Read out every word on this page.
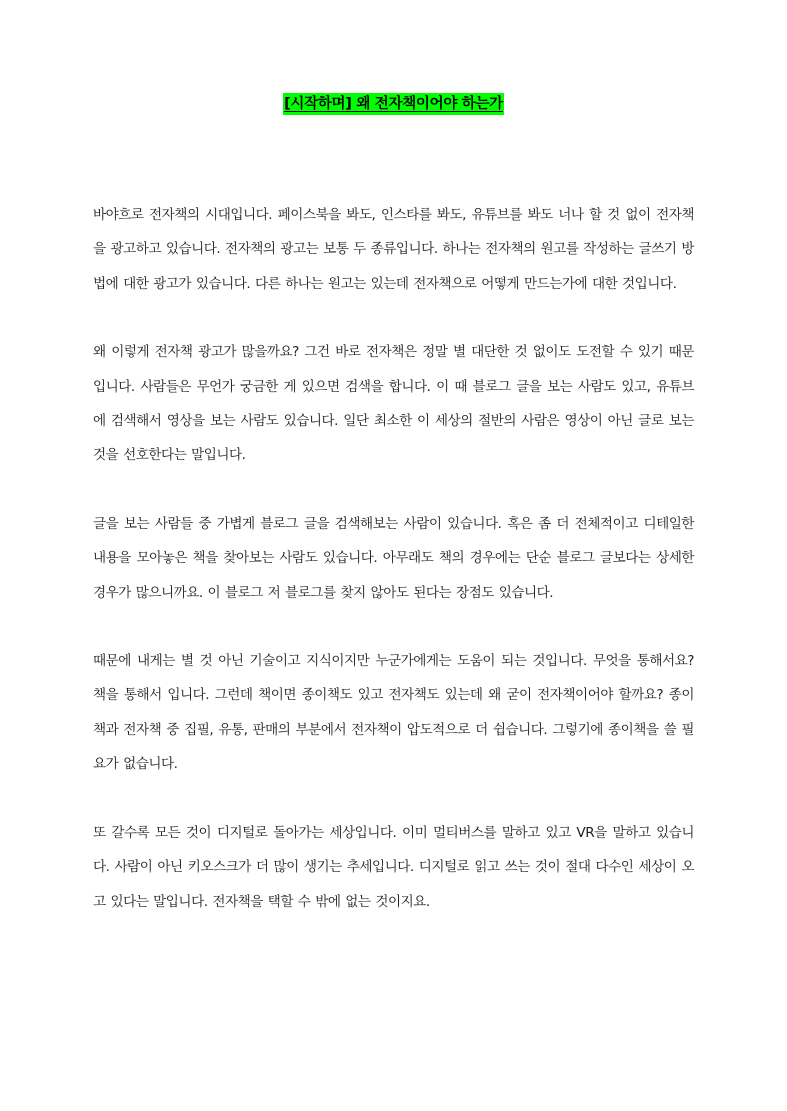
[시작하며] 왜 전자책이어야 하는가

바야흐로 전자책의 시대입니다. 페이스북을 봐도, 인스타를 봐도, 유튜브를 봐도 너나 할 것 없이 전자책을 광고하고 있습니다. 전자책의 광고는 보통 두 종류입니다. 하나는 전자책의 원고를 작성하는 글쓰기 방법에 대한 광고가 있습니다. 다른 하나는 원고는 있는데 전자책으로 어떻게 만드는가에 대한 것입니다.

왜 이렇게 전자책 광고가 많을까요? 그건 바로 전자책은 정말 별 대단한 것 없이도 도전할 수 있기 때문입니다. 사람들은 무언가 궁금한 게 있으면 검색을 합니다. 이 때 블로그 글을 보는 사람도 있고, 유튜브에 검색해서 영상을 보는 사람도 있습니다. 일단 최소한 이 세상의 절반의 사람은 영상이 아닌 글로 보는 것을 선호한다는 말입니다.

글을 보는 사람들 중 가볍게 블로그 글을 검색해보는 사람이 있습니다. 혹은 좀 더 전체적이고 디테일한 내용을 모아놓은 책을 찾아보는 사람도 있습니다. 아무래도 책의 경우에는 단순 블로그 글보다는 상세한 경우가 많으니까요. 이 블로그 저 블로그를 찾지 않아도 된다는 장점도 있습니다.

때문에 내게는 별 것 아닌 기술이고 지식이지만 누군가에게는 도움이 되는 것입니다. 무엇을 통해서요? 책을 통해서 입니다. 그런데 책이면 종이책도 있고 전자책도 있는데 왜 굳이 전자책이어야 할까요? 종이책과 전자책 중 집필, 유통, 판매의 부분에서 전자책이 압도적으로 더 쉽습니다. 그렇기에 종이책을 쓸 필요가 없습니다.

또 갈수록 모든 것이 디지털로 돌아가는 세상입니다. 이미 멀티버스를 말하고 있고 VR을 말하고 있습니다. 사람이 아닌 키오스크가 더 많이 생기는 추세입니다. 디지털로 읽고 쓰는 것이 절대 다수인 세상이 오고 있다는 말입니다. 전자책을 택할 수 밖에 없는 것이지요.
